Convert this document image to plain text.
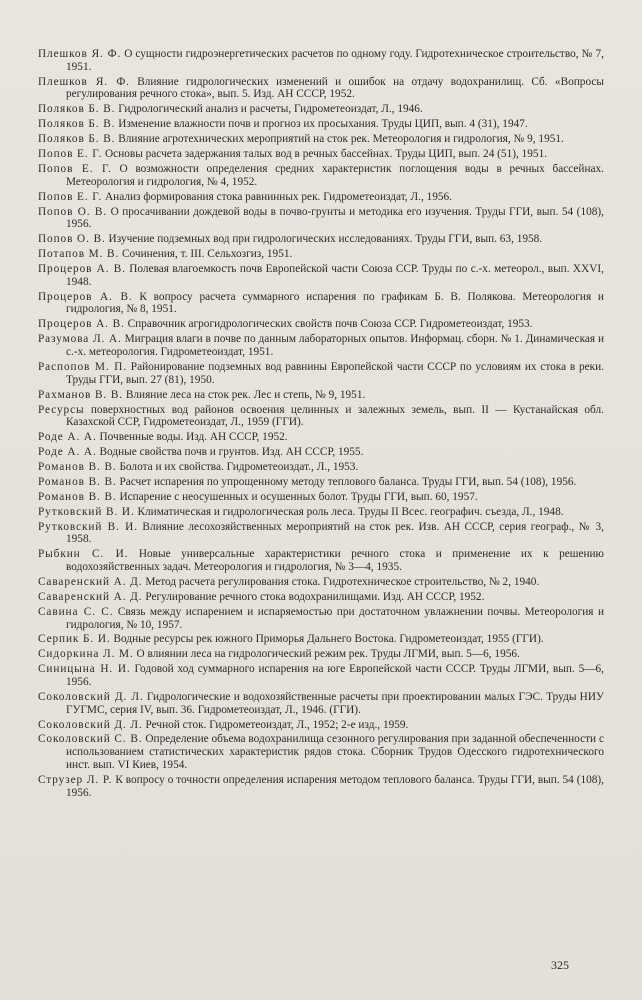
Плешков Я. Ф. О сущности гидроэнергетических расчетов по одному году. Гидротехническое строительство, № 7, 1951.
Плешков Я. Ф. Влияние гидрологических изменений и ошибок на отдачу водохранилищ. Сб. «Вопросы регулирования речного стока», вып. 5. Изд. АН СССР, 1952.
Поляков Б. В. Гидрологический анализ и расчеты, Гидрометеоиздат, Л., 1946.
Поляков Б. В. Изменение влажности почв и прогноз их просыхания. Труды ЦИП, вып. 4 (31), 1947.
Поляков Б. В. Влияние агротехнических мероприятий на сток рек. Метеорология и гидрология, № 9, 1951.
Попов Е. Г. Основы расчета задержания талых вод в речных бассейнах. Труды ЦИП, вып. 24 (51), 1951.
Попов Е. Г. О возможности определения средних характеристик поглощения воды в речных бассейнах. Метеорология и гидрология, № 4, 1952.
Попов Е. Г. Анализ формирования стока равнинных рек. Гидрометеоиздат, Л., 1956.
Попов О. В. О просачивании дождевой воды в почво-грунты и методика его изучения. Труды ГГИ, вып. 54 (108), 1956.
Попов О. В. Изучение подземных вод при гидрологических исследованиях. Труды ГГИ, вып. 63, 1958.
Потапов М. В. Сочинения, т. III. Сельхозгиз, 1951.
Процеров А. В. Полевая влагоемкость почв Европейской части Союза ССР. Труды по с.-х. метеорол., вып. XXVI, 1948.
Процеров А. В. К вопросу расчета суммарного испарения по графикам Б. В. Полякова. Метеорология и гидрология, № 8, 1951.
Процеров А. В. Справочник агрогидрологических свойств почв Союза ССР. Гидрометеоиздат, 1953.
Разумова Л. А. Миграция влаги в почве по данным лабораторных опытов. Информац. сборн. № 1. Динамическая и с.-х. метеорология. Гидрометеоиздат, 1951.
Распопов М. П. Районирование подземных вод равнины Европейской части СССР по условиям их стока в реки. Труды ГГИ, вып. 27 (81), 1950.
Рахманов В. В. Влияние леса на сток рек. Лес и степь, № 9, 1951.
Ресурсы поверхностных вод районов освоения целинных и залежных земель, вып. II — Кустанайская обл. Казахской ССР, Гидрометеоиздат, Л., 1959 (ГГИ).
Роде А. А. Почвенные воды. Изд. АН СССР, 1952.
Роде А. А. Водные свойства почв и грунтов. Изд. АН СССР, 1955.
Романов В. В. Болота и их свойства. Гидрометеоиздат., Л., 1953.
Романов В. В. Расчет испарения по упрощенному методу теплового баланса. Труды ГГИ, вып. 54 (108), 1956.
Романов В. В. Испарение с неосушенных и осушенных болот. Труды ГГИ, вып. 60, 1957.
Рутковский В. И. Климатическая и гидрологическая роль леса. Труды II Всес. географич. съезда, Л., 1948.
Рутковский В. И. Влияние лесохозяйственных мероприятий на сток рек. Изв. АН СССР, серия географ., № 3, 1958.
Рыбкин С. И. Новые универсальные характеристики речного стока и применение их к решению водохозяйственных задач. Метеорология и гидрология, № 3—4, 1935.
Саваренский А. Д. Метод расчета регулирования стока. Гидротехническое строительство, № 2, 1940.
Саваренский А. Д. Регулирование речного стока водохранилищами. Изд. АН СССР, 1952.
Савина С. С. Связь между испарением и испаряемостью при достаточном увлажнении почвы. Метеорология и гидрология, № 10, 1957.
Серпик Б. И. Водные ресурсы рек южного Приморья Дальнего Востока. Гидрометеоиздат, 1955 (ГГИ).
Сидоркина Л. М. О влиянии леса на гидрологический режим рек. Труды ЛГМИ, вып. 5—6, 1956.
Синицына Н. И. Годовой ход суммарного испарения на юге Европейской части СССР. Труды ЛГМИ, вып. 5—6, 1956.
Соколовский Д. Л. Гидрологические и водохозяйственные расчеты при проектировании малых ГЭС. Труды НИУ ГУГМС, серия IV, вып. 36. Гидрометеоиздат, Л., 1946. (ГГИ).
Соколовский Д. Л. Речной сток. Гидрометеоиздат, Л., 1952; 2-е изд., 1959.
Соколовский С. В. Определение объема водохранилища сезонного регулирования при заданной обеспеченности с использованием статистических характеристик рядов стока. Сборник Трудов Одесского гидротехнического инст. вып. VI Киев, 1954.
Струзер Л. Р. К вопросу о точности определения испарения методом теплового баланса. Труды ГГИ, вып. 54 (108), 1956.
325
